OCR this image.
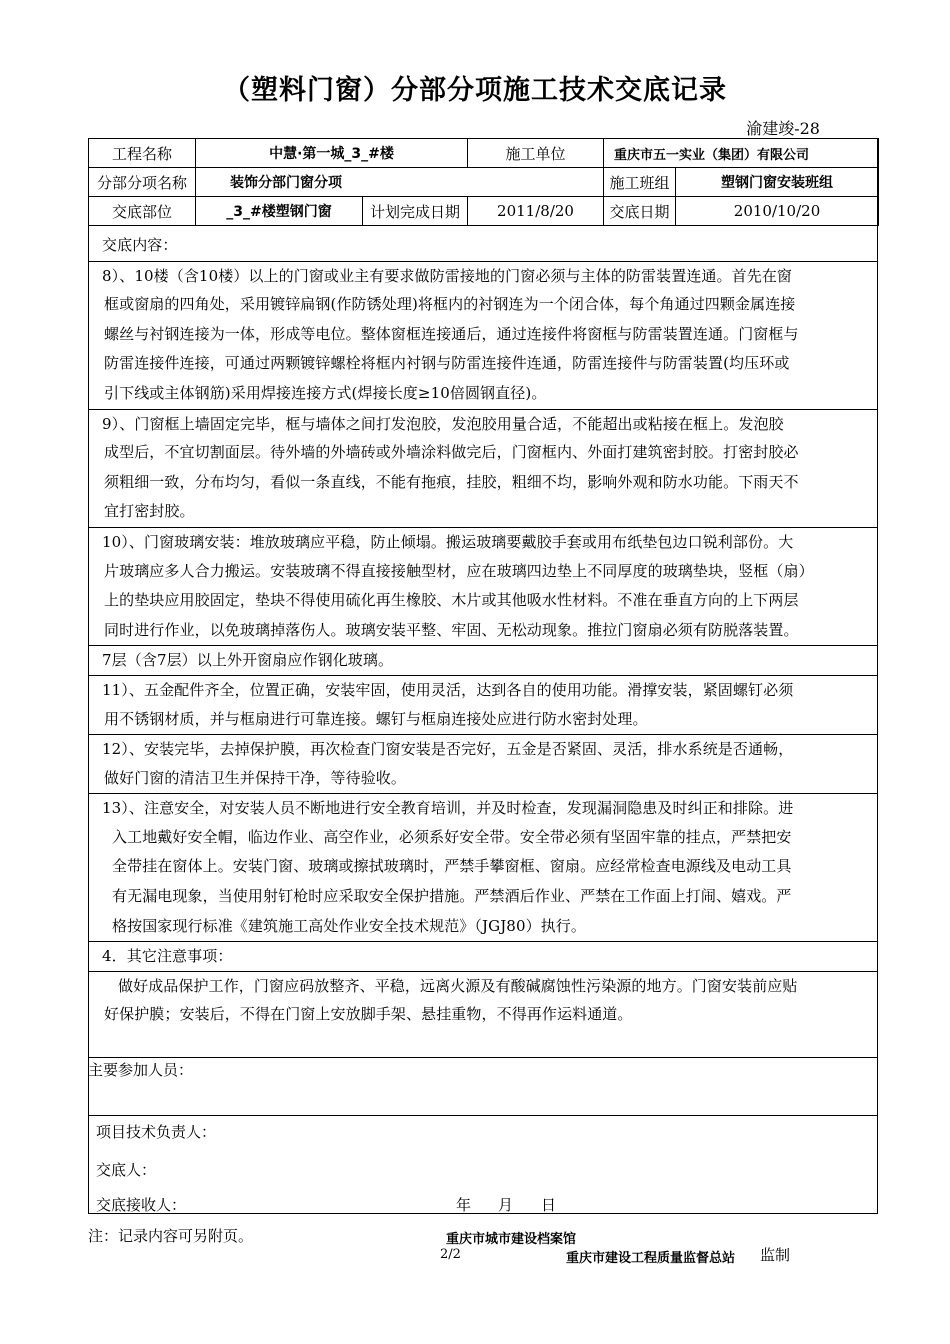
（塑料门窗）分部分项施工技术交底记录
渝建竣-28
工程名称	中慧·第一城_3_#楼		施工单位	重庆市五一实业（集团）有限公司	
分部分项名称	装饰分部门窗分项			施工班组	塑钢门窗安装班组
交底部位	_3_#楼塑钢门窗	计划完成日期	2011/8/20	交底日期	2010/10/20
交底内容：
8）、10楼（含10楼）以上的门窗或业主有要求做防雷接地的门窗必须与主体的防雷装置连通。首先在窗
框或窗扇的四角处，采用镀锌扁钢(作防锈处理)将框内的衬钢连为一个闭合体，每个角通过四颗金属连接
螺丝与衬钢连接为一体，形成等电位。整体窗框连接通后，通过连接件将窗框与防雷装置连通。门窗框与
防雷连接件连接，可通过两颗镀锌螺栓将框内衬钢与防雷连接件连通，防雷连接件与防雷装置(均压环或
引下线或主体钢筋)采用焊接连接方式(焊接长度≥10倍圆钢直径)。
9）、门窗框上墙固定完毕，框与墙体之间打发泡胶，发泡胶用量合适，不能超出或粘接在框上。发泡胶
成型后，不宜切割面层。待外墙的外墙砖或外墙涂料做完后，门窗框内、外面打建筑密封胶。打密封胶必
须粗细一致，分布均匀，看似一条直线，不能有拖痕，挂胶，粗细不均，影响外观和防水功能。下雨天不
宜打密封胶。
10）、门窗玻璃安装：堆放玻璃应平稳，防止倾塌。搬运玻璃要戴胶手套或用布纸垫包边口锐利部份。大
片玻璃应多人合力搬运。安装玻璃不得直接接触型材，应在玻璃四边垫上不同厚度的玻璃垫块，竖框（扇）
上的垫块应用胶固定，垫块不得使用硫化再生橡胶、木片或其他吸水性材料。不准在垂直方向的上下两层
同时进行作业，以免玻璃掉落伤人。玻璃安装平整、牢固、无松动现象。推拉门窗扇必须有防脱落装置。
7层（含7层）以上外开窗扇应作钢化玻璃。
11）、五金配件齐全，位置正确，安装牢固，使用灵活，达到各自的使用功能。滑撑安装，紧固螺钉必须
用不锈钢材质，并与框扇进行可靠连接。螺钉与框扇连接处应进行防水密封处理。
12）、安装完毕，去掉保护膜，再次检查门窗安装是否完好，五金是否紧固、灵活，排水系统是否通畅，
做好门窗的清洁卫生并保持干净，等待验收。
13）、注意安全，对安装人员不断地进行安全教育培训，并及时检查，发现漏洞隐患及时纠正和排除。进
入工地戴好安全帽，临边作业、高空作业，必须系好安全带。安全带必须有坚固牢靠的挂点，严禁把安
全带挂在窗体上。安装门窗、玻璃或擦拭玻璃时，严禁手攀窗框、窗扇。应经常检查电源线及电动工具
有无漏电现象，当使用射钉枪时应采取安全保护措施。严禁酒后作业、严禁在工作面上打闹、嬉戏。严
格按国家现行标准《建筑施工高处作业安全技术规范》（JGJ80）执行。
4．其它注意事项：
做好成品保护工作，门窗应码放整齐、平稳，远离火源及有酸碱腐蚀性污染源的地方。门窗安装前应贴
好保护膜；安装后，不得在门窗上安放脚手架、悬挂重物，不得再作运料通道。
主要参加人员：
项目技术负责人：
交底人：
交底接收人：	年 月 日
注：记录内容可另附页。	重庆市城市建设档案馆
2/2	重庆市建设工程质量监督总站 监制
